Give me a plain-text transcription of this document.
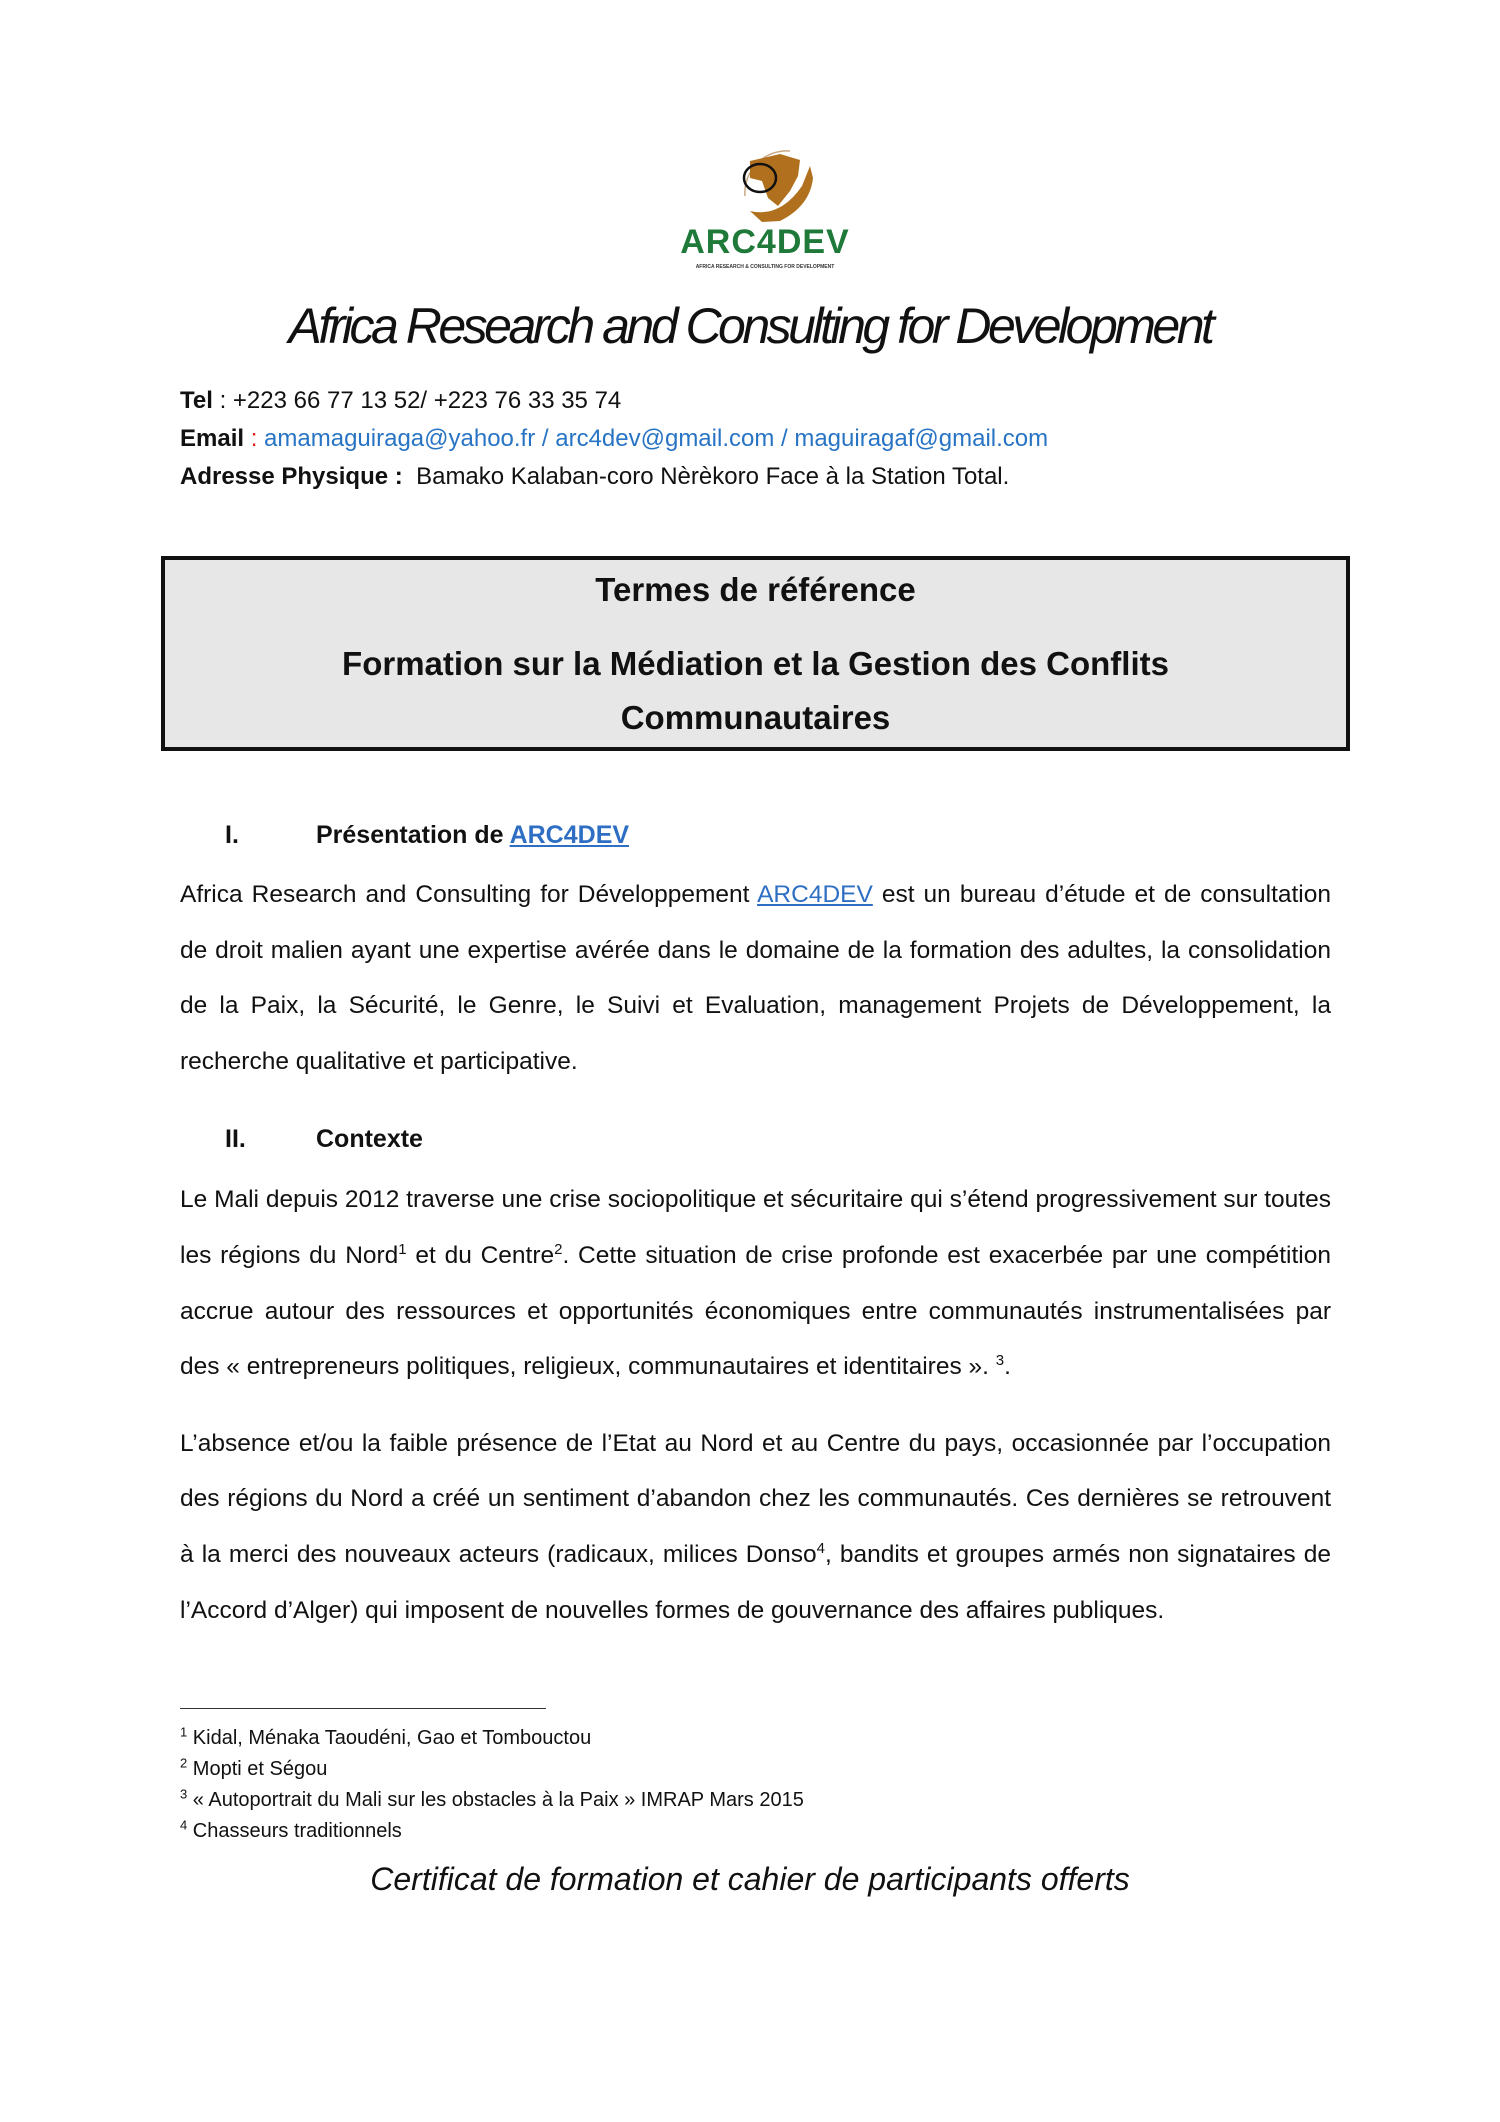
ARC4DEV
AFRICA RESEARCH & CONSULTING FOR DEVELOPMENT
Africa Research and Consulting for Development
Tel : +223 66 77 13 52/ +223 76 33 35 74
Email : amamaguiraga@yahoo.fr / arc4dev@gmail.com / maguiragaf@gmail.com
Adresse Physique :  Bamako Kalaban-coro Nèrèkoro Face à la Station Total.
Termes de référence
Formation sur la Médiation et la Gestion des Conflits
Communautaires
I.	Présentation de ARC4DEV
Africa Research and Consulting for Développement ARC4DEV est un bureau d’étude et de consultation de droit malien ayant une expertise avérée dans le domaine de la formation des adultes, la consolidation de la Paix, la Sécurité, le Genre, le Suivi et Evaluation, management Projets de Développement, la recherche qualitative et participative.
II.	Contexte
Le Mali depuis 2012 traverse une crise sociopolitique et sécuritaire qui s’étend progressivement sur toutes les régions du Nord$^1$ et du Centre$^2$. Cette situation de crise profonde est exacerbée par une compétition accrue autour des ressources et opportunités économiques entre communautés instrumentalisées par des « entrepreneurs politiques, religieux, communautaires et identitaires ». $^3$.
L’absence et/ou la faible présence de l’Etat au Nord et au Centre du pays, occasionnée par l’occupation des régions du Nord a créé un sentiment d’abandon chez les communautés. Ces dernières se retrouvent à la merci des nouveaux acteurs (radicaux, milices Donso$^4$, bandits et groupes armés non signataires de l’Accord d’Alger) qui imposent de nouvelles formes de gouvernance des affaires publiques.
$^1$ Kidal, Ménaka Taoudéni, Gao et Tombouctou
$^2$ Mopti et Ségou
$^3$ « Autoportrait du Mali sur les obstacles à la Paix » IMRAP Mars 2015
$^4$ Chasseurs traditionnels
Certificat de formation et cahier de participants offerts
